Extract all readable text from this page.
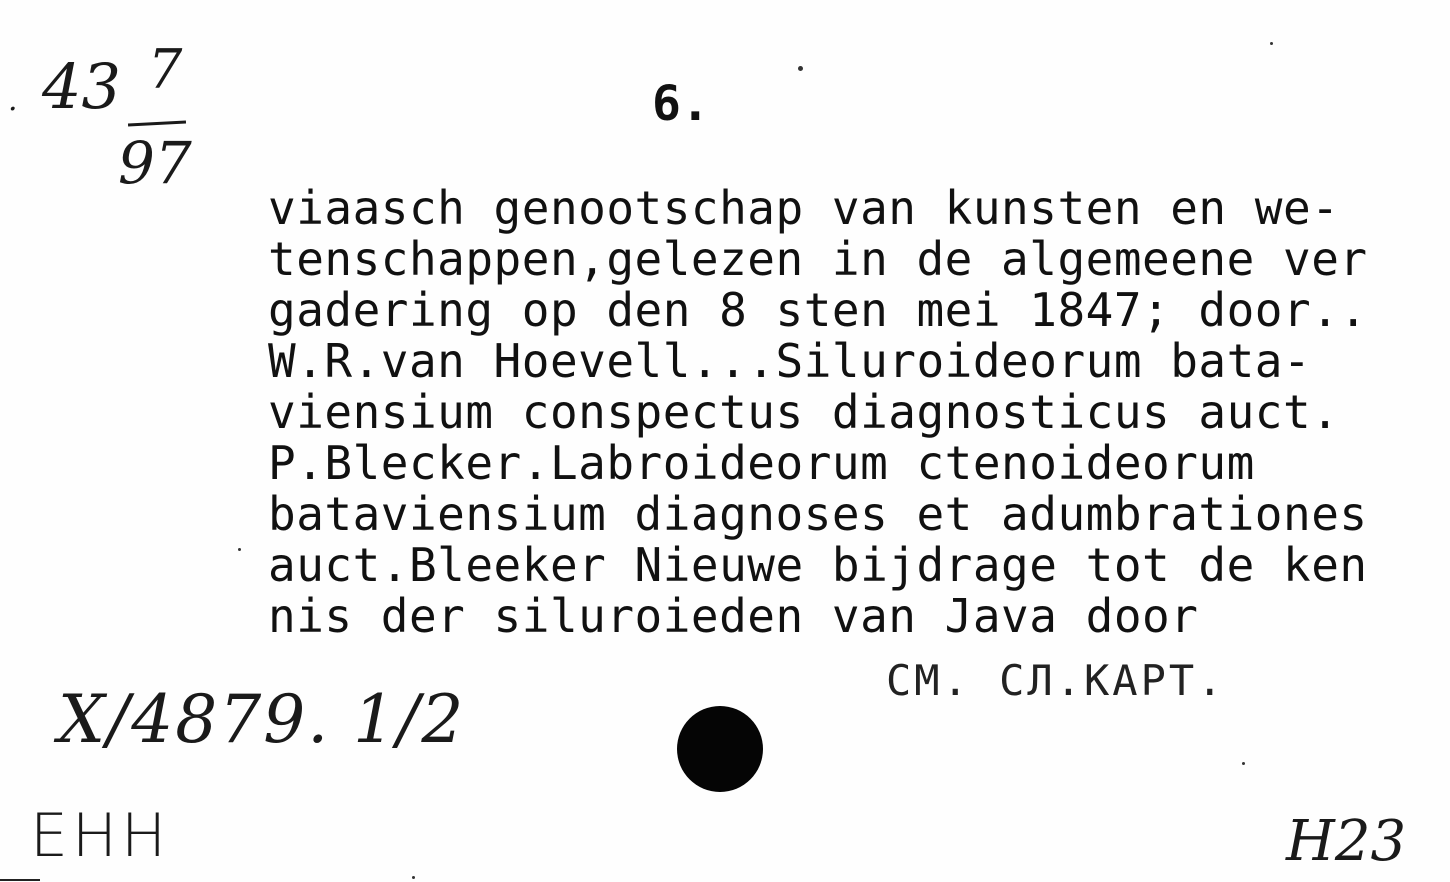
· 43 7
97
6.
viaasch genootschap van kunsten en we-
tenschappen,gelezen in de algemeene ver
gadering op den 8 sten mei 1847; door..
W.R.van Hoevell...Siluroideorum bata-
viensium conspectus diagnosticus auct.
P.Blecker.Labroideorum ctenoideorum
bataviensium diagnoses et adumbrationes
auct.Bleeker Nieuwe bijdrage tot de ken
nis der siluroieden van Java door
СМ. СЛ.КАРТ.
X/4879. 1/2
ЕНН	H23
